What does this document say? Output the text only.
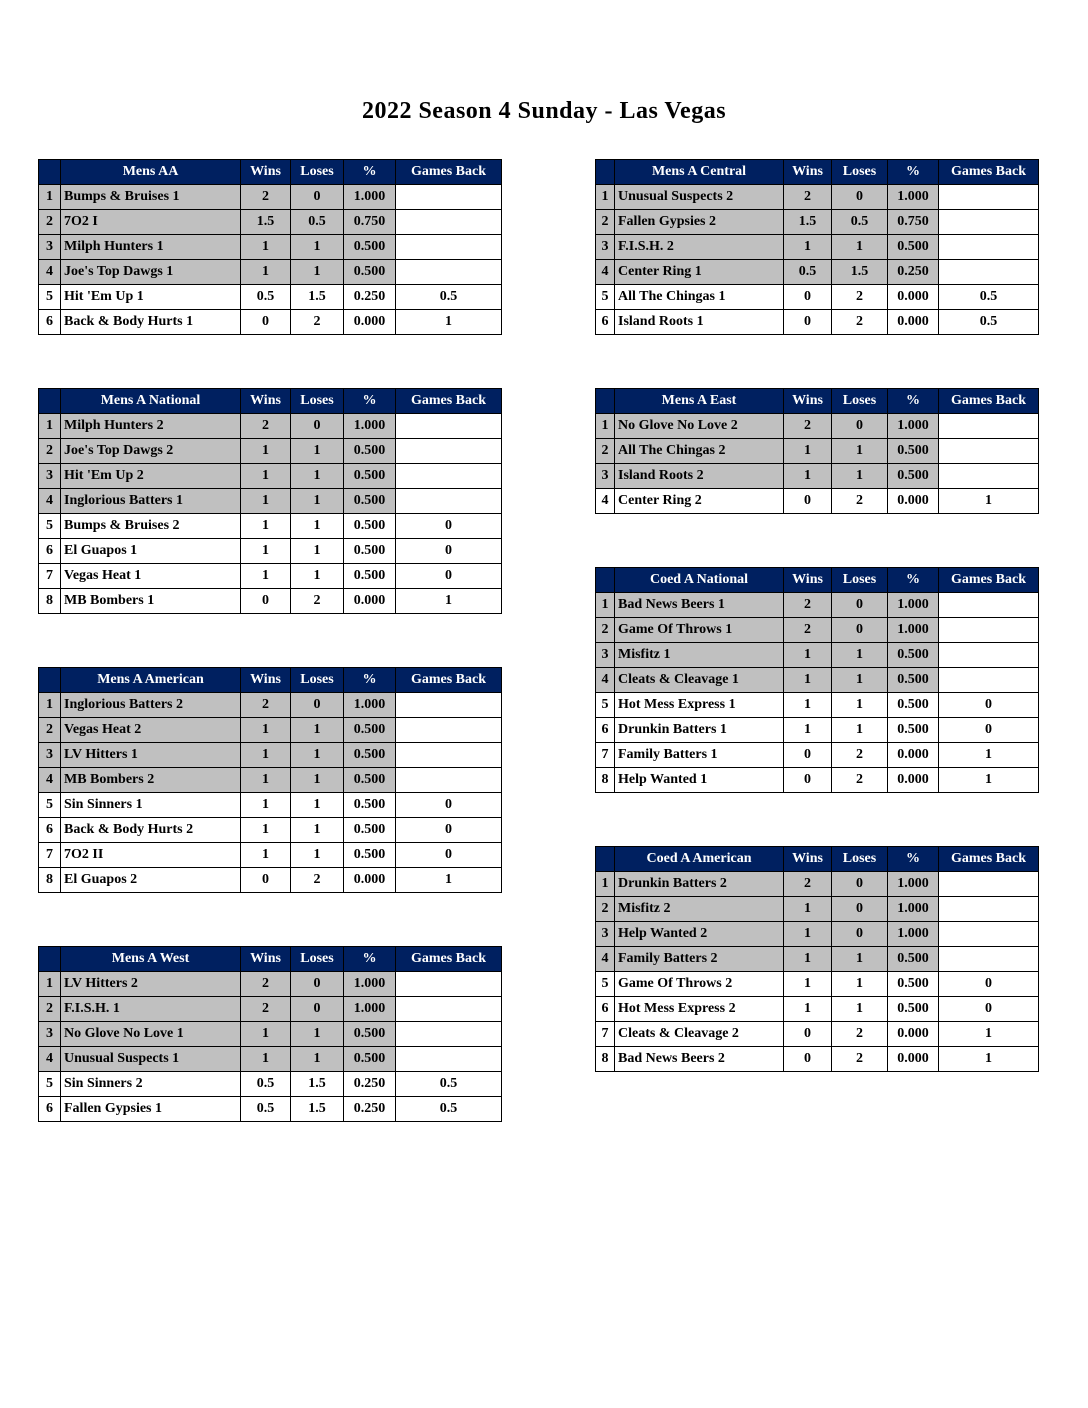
2022 Season 4 Sunday - Las Vegas
	Mens AA	Wins	Loses	%	Games Back
1	Bumps & Bruises 1	2	0	1.000	
2	7O2 I	1.5	0.5	0.750	
3	Milph Hunters 1	1	1	0.500	
4	Joe's Top Dawgs 1	1	1	0.500	
5	Hit 'Em Up 1	0.5	1.5	0.250	0.5
6	Back & Body Hurts 1	0	2	0.000	1
	Mens A National	Wins	Loses	%	Games Back
1	Milph Hunters 2	2	0	1.000	
2	Joe's Top Dawgs 2	1	1	0.500	
3	Hit 'Em Up 2	1	1	0.500	
4	Inglorious Batters 1	1	1	0.500	
5	Bumps & Bruises 2	1	1	0.500	0
6	El Guapos 1	1	1	0.500	0
7	Vegas Heat 1	1	1	0.500	0
8	MB Bombers 1	0	2	0.000	1
	Mens A American	Wins	Loses	%	Games Back
1	Inglorious Batters 2	2	0	1.000	
2	Vegas Heat 2	1	1	0.500	
3	LV Hitters 1	1	1	0.500	
4	MB Bombers 2	1	1	0.500	
5	Sin Sinners 1	1	1	0.500	0
6	Back & Body Hurts 2	1	1	0.500	0
7	7O2 II	1	1	0.500	0
8	El Guapos 2	0	2	0.000	1
	Mens A West	Wins	Loses	%	Games Back
1	LV Hitters 2	2	0	1.000	
2	F.I.S.H. 1	2	0	1.000	
3	No Glove No Love 1	1	1	0.500	
4	Unusual Suspects 1	1	1	0.500	
5	Sin Sinners 2	0.5	1.5	0.250	0.5
6	Fallen Gypsies 1	0.5	1.5	0.250	0.5
	Mens A Central	Wins	Loses	%	Games Back
1	Unusual Suspects 2	2	0	1.000	
2	Fallen Gypsies 2	1.5	0.5	0.750	
3	F.I.S.H. 2	1	1	0.500	
4	Center Ring 1	0.5	1.5	0.250	
5	All The Chingas 1	0	2	0.000	0.5
6	Island Roots 1	0	2	0.000	0.5
	Mens A East	Wins	Loses	%	Games Back
1	No Glove No Love 2	2	0	1.000	
2	All The Chingas 2	1	1	0.500	
3	Island Roots 2	1	1	0.500	
4	Center Ring 2	0	2	0.000	1
	Coed A National	Wins	Loses	%	Games Back
1	Bad News Beers 1	2	0	1.000	
2	Game Of Throws 1	2	0	1.000	
3	Misfitz 1	1	1	0.500	
4	Cleats & Cleavage 1	1	1	0.500	
5	Hot Mess Express 1	1	1	0.500	0
6	Drunkin Batters 1	1	1	0.500	0
7	Family Batters 1	0	2	0.000	1
8	Help Wanted 1	0	2	0.000	1
	Coed A American	Wins	Loses	%	Games Back
1	Drunkin Batters 2	2	0	1.000	
2	Misfitz 2	1	0	1.000	
3	Help Wanted 2	1	0	1.000	
4	Family Batters 2	1	1	0.500	
5	Game Of Throws 2	1	1	0.500	0
6	Hot Mess Express 2	1	1	0.500	0
7	Cleats & Cleavage 2	0	2	0.000	1
8	Bad News Beers 2	0	2	0.000	1
